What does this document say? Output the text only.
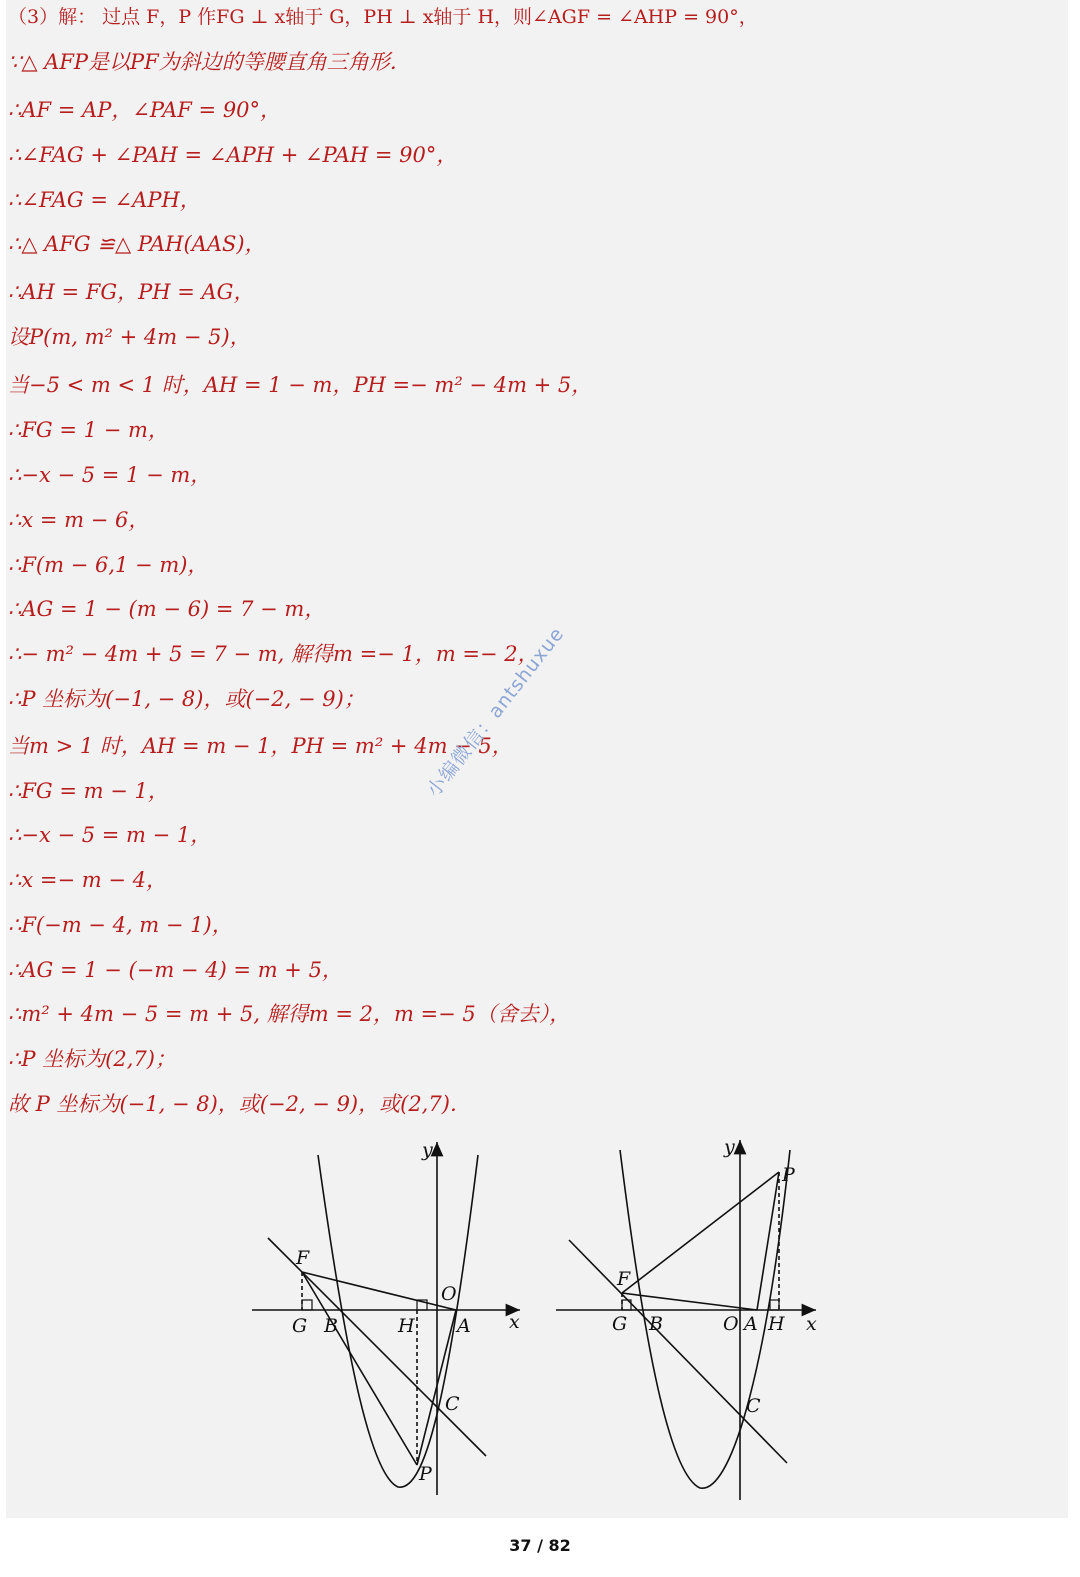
（3）解： 过点 F，P 作FG ⊥ x轴于 G，PH ⊥ x轴于 H，则∠AGF = ∠AHP = 90°，
∵△ AFP是以PF为斜边的等腰直角三角形．
∴AF = AP，∠PAF = 90°，
∴∠FAG + ∠PAH = ∠APH + ∠PAH = 90°，
∴∠FAG = ∠APH，
∴△ AFG ≌△ PAH(AAS)，
∴AH = FG，PH = AG，
设P(m, m² + 4m − 5)，
当−5 < m < 1 时，AH = 1 − m，PH =− m² − 4m + 5，
∴FG = 1 − m，
∴−x − 5 = 1 − m，
∴x = m − 6，
∴F(m − 6,1 − m)，
∴AG = 1 − (m − 6) = 7 − m，
∴− m² − 4m + 5 = 7 − m, 解得m =− 1，m =− 2，
∴P 坐标为(−1, − 8)，或(−2, − 9)；
当m > 1 时，AH = m − 1，PH = m² + 4m − 5，
∴FG = m − 1，
∴−x − 5 = m − 1，
∴x =− m − 4，
∴F(−m − 4, m − 1)，
∴AG = 1 − (−m − 4) = m + 5，
∴m² + 4m − 5 = m + 5, 解得m = 2，m =− 5（舍去），
∴P 坐标为(2,7)；
故 P 坐标为(−1, − 8)，或(−2, − 9)，或(2,7)．
小编微信：antshuxue
y
x
F
G B	H
O
A
C
P
y
x
F
G B	O A H
C
P
37 / 82
